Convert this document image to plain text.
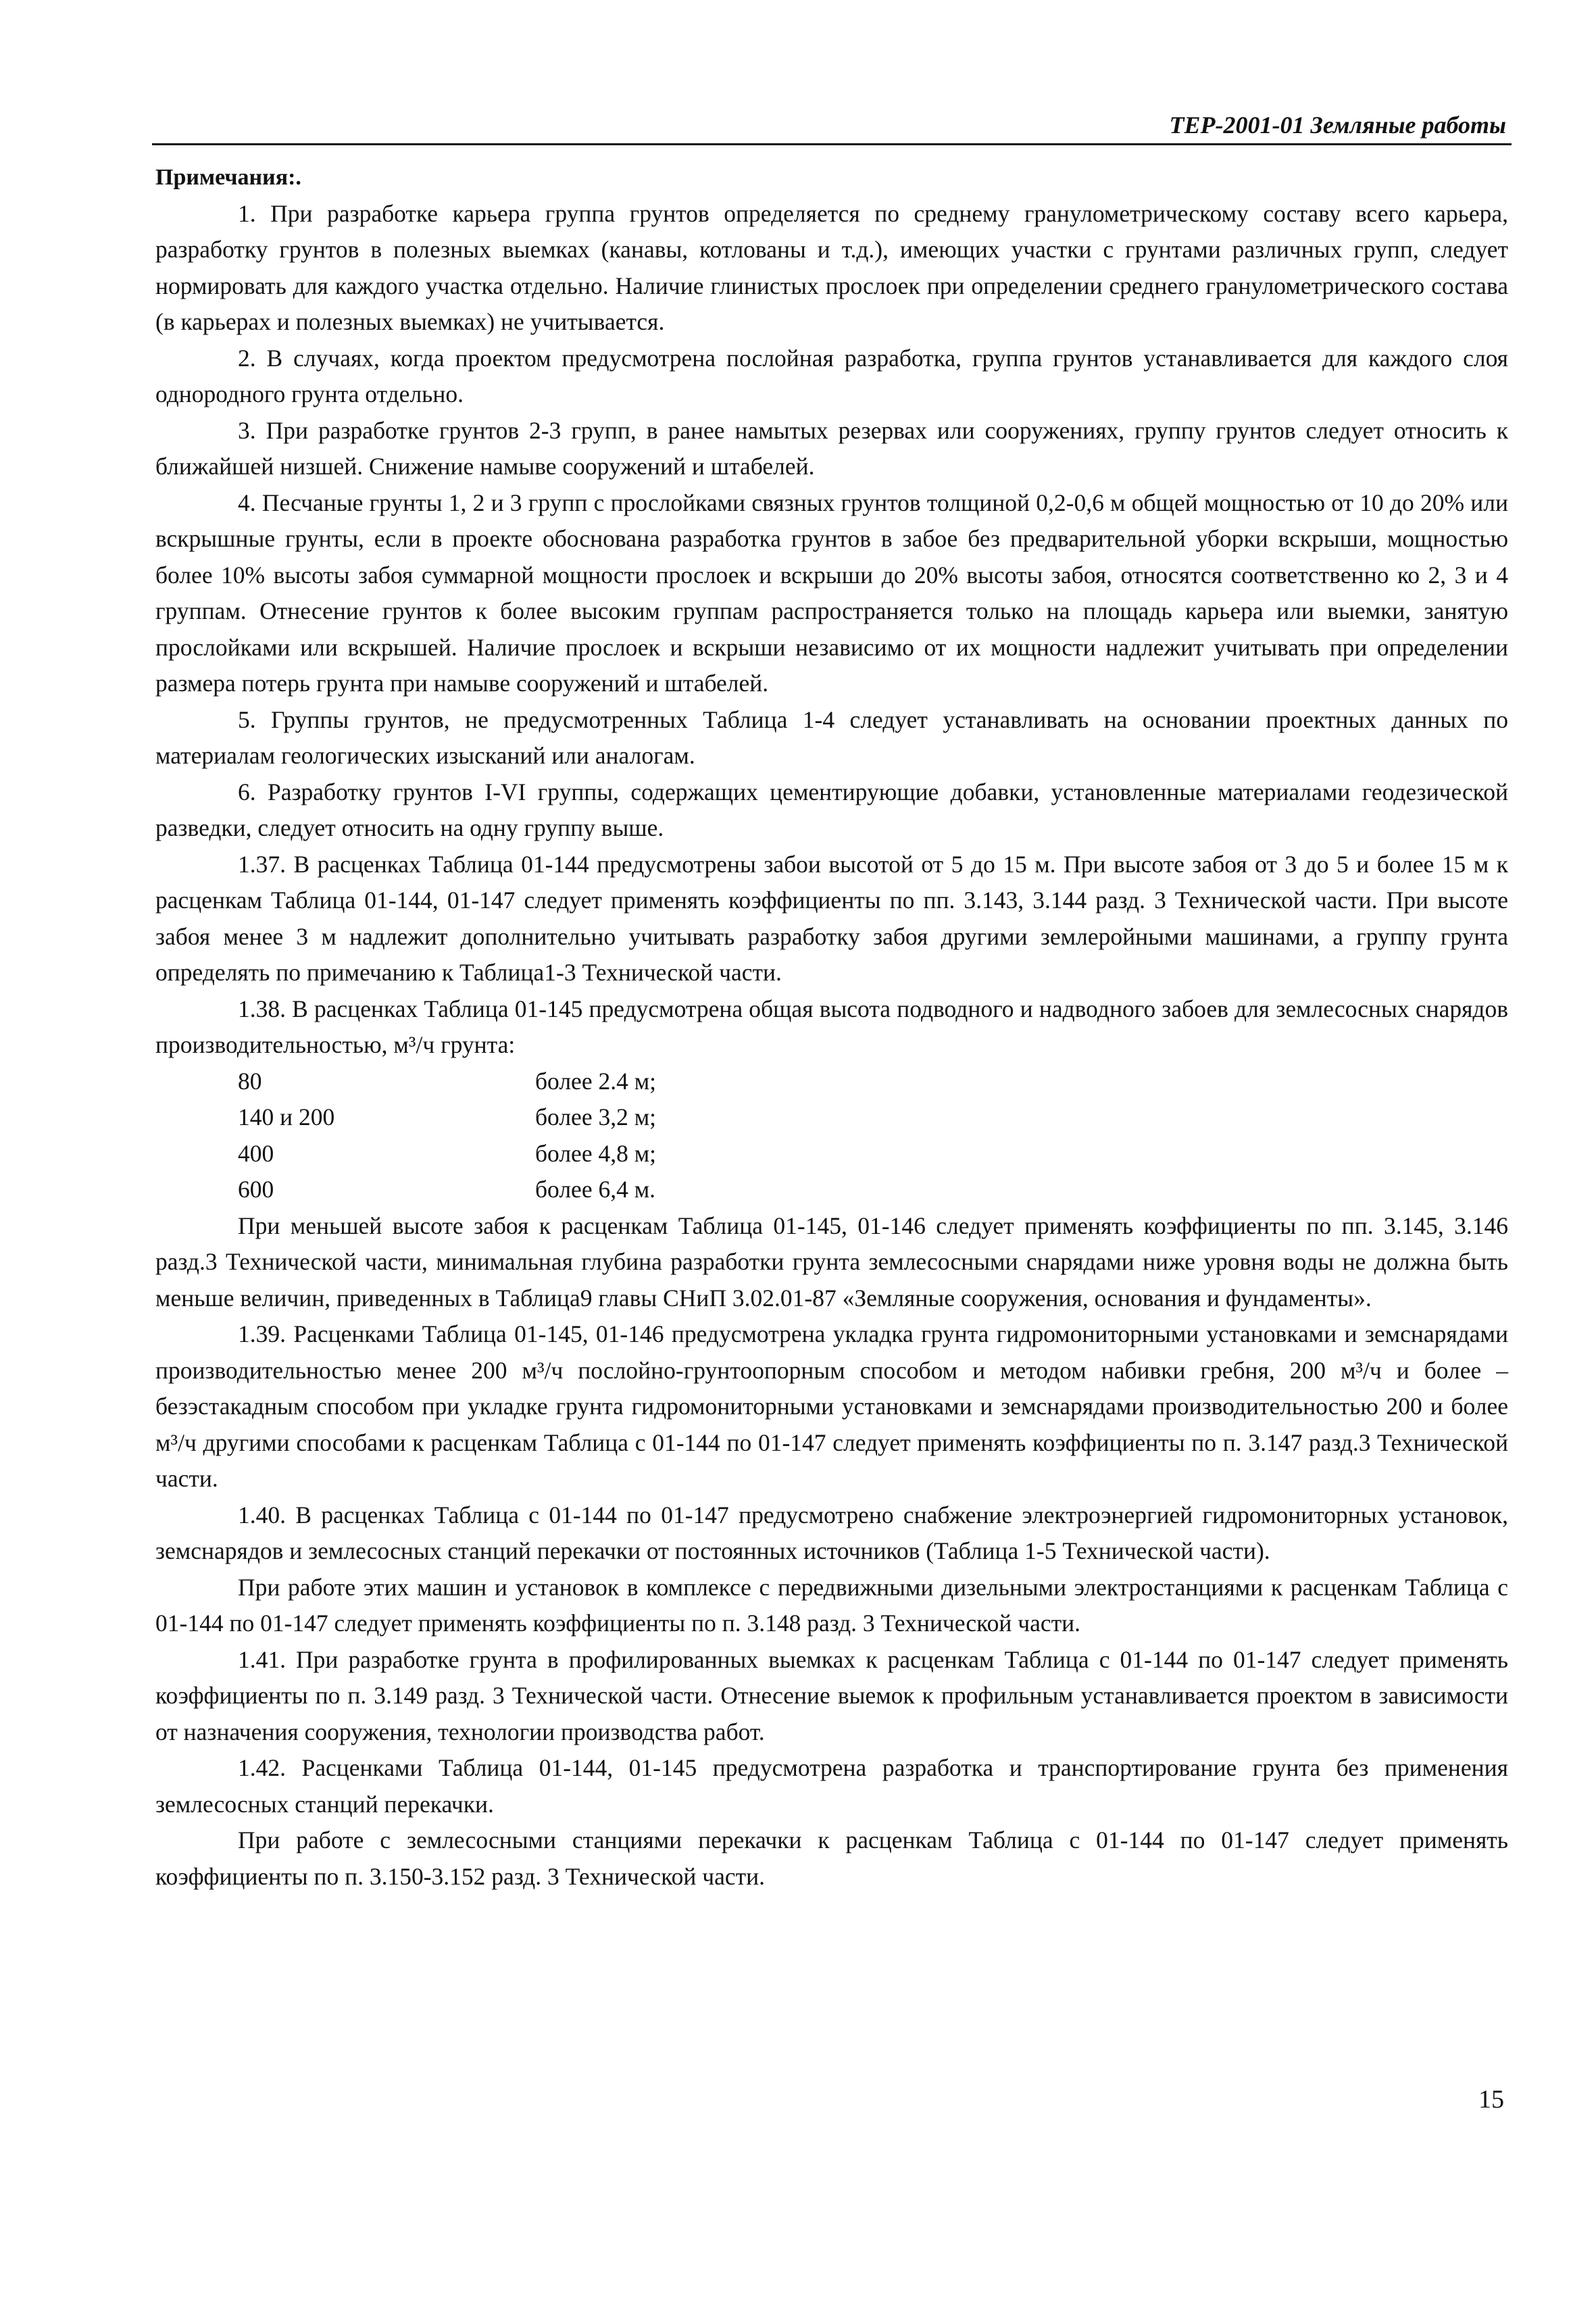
ТЕР-2001-01 Земляные работы

Примечания:.

1. При разработке карьера группа грунтов определяется по среднему гранулометрическому составу всего карьера, разработку грунтов в полезных выемках (канавы, котлованы и т.д.), имеющих участки с грунтами различных групп, следует нормировать для каждого участка отдельно. Наличие глинистых прослоек при определении среднего гранулометрического состава (в карьерах и полезных выемках) не учитывается.

2. В случаях, когда проектом предусмотрена послойная разработка, группа грунтов устанавливается для каждого слоя однородного грунта отдельно.

3. При разработке грунтов 2-3 групп, в ранее намытых резервах или сооружениях, группу грунтов следует относить к ближайшей низшей. Снижение намыве сооружений и штабелей.

4. Песчаные грунты 1, 2 и 3 групп с прослойками связных грунтов толщиной 0,2-0,6 м общей мощностью от 10 до 20% или вскрышные грунты, если в проекте обоснована разработка грунтов в забое без предварительной уборки вскрыши, мощностью более 10% высоты забоя суммарной мощности прослоек и вскрыши до 20% высоты забоя, относятся соответственно ко 2, 3 и 4 группам. Отнесение грунтов к более высоким группам распространяется только на площадь карьера или выемки, занятую прослойками или вскрышей. Наличие прослоек и вскрыши независимо от их мощности надлежит учитывать при определении размера потерь грунта при намыве сооружений и штабелей.

5. Группы грунтов, не предусмотренных Таблица 1-4 следует устанавливать на основании проектных данных по материалам геологических изысканий или аналогам.

6. Разработку грунтов I-VI группы, содержащих цементирующие добавки, установленные материалами геодезической разведки, следует относить на одну группу выше.

1.37. В расценках Таблица 01-144 предусмотрены забои высотой от 5 до 15 м. При высоте забоя от 3 до 5 и более 15 м к расценкам Таблица 01-144, 01-147 следует применять коэффициенты по пп. 3.143, 3.144 разд. 3 Технической части. При высоте забоя менее 3 м надлежит дополнительно учитывать разработку забоя другими землеройными машинами, а группу грунта определять по примечанию к Таблица1-3 Технической части.

1.38. В расценках Таблица 01-145 предусмотрена общая высота подводного и надводного забоев для землесосных снарядов производительностью, м³/ч грунта:

80	более 2.4 м;
140 и 200	более 3,2 м;
400	более 4,8 м;
600	более 6,4 м.

При меньшей высоте забоя к расценкам Таблица 01-145, 01-146 следует применять коэффициенты по пп. 3.145, 3.146 разд.3 Технической части, минимальная глубина разработки грунта землесосными снарядами ниже уровня воды не должна быть меньше величин, приведенных в Таблица9 главы СНиП 3.02.01-87 «Земляные сооружения, основания и фундаменты».

1.39. Расценками Таблица 01-145, 01-146 предусмотрена укладка грунта гидромониторными установками и земснарядами производительностью менее 200 м³/ч послойно-грунтоопорным способом и методом набивки гребня, 200 м³/ч и более – безэстакадным способом при укладке грунта гидромониторными установками и земснарядами производительностью 200 и более м³/ч другими способами к расценкам Таблица с 01-144 по 01-147 следует применять коэффициенты по п. 3.147 разд.3 Технической части.

1.40. В расценках Таблица с 01-144 по 01-147 предусмотрено снабжение электроэнергией гидромониторных установок, земснарядов и землесосных станций перекачки от постоянных источников (Таблица 1-5 Технической части).

При работе этих машин и установок в комплексе с передвижными дизельными электростанциями к расценкам Таблица с 01-144 по 01-147 следует применять коэффициенты по п. 3.148 разд. 3 Технической части.

1.41. При разработке грунта в профилированных выемках к расценкам Таблица с 01-144 по 01-147 следует применять коэффициенты по п. 3.149 разд. 3 Технической части. Отнесение выемок к профильным устанавливается проектом в зависимости от назначения сооружения, технологии производства работ.

1.42. Расценками Таблица 01-144, 01-145 предусмотрена разработка и транспортирование грунта без применения землесосных станций перекачки.

При работе с землесосными станциями перекачки к расценкам Таблица с 01-144 по 01-147 следует применять коэффициенты по п. 3.150-3.152 разд. 3 Технической части.

15
